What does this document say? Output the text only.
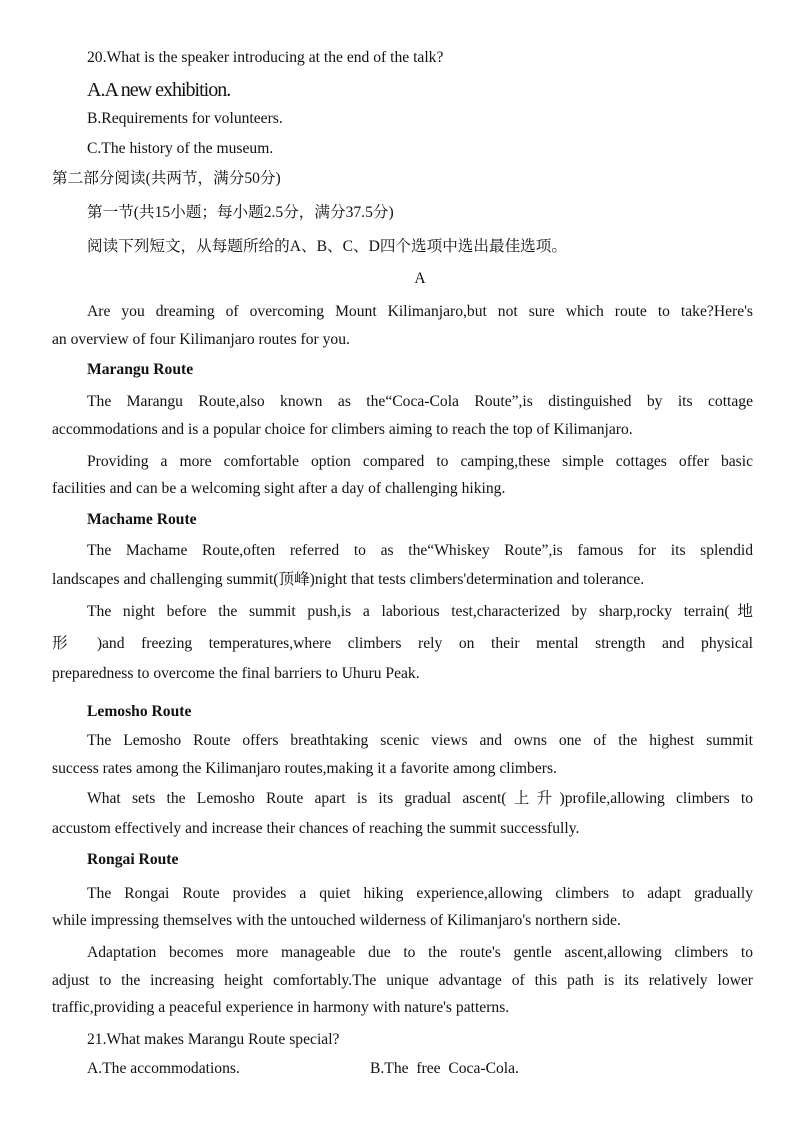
20.What is the speaker introducing at the end of the talk?
A.A new exhibition.
B.Requirements for volunteers.
C.The history of the museum.
第二部分阅读(共两节，满分50分)
第一节(共15小题；每小题2.5分，满分37.5分)
阅读下列短文，从每题所给的A、B、C、D四个选项中选出最佳选项。
A
Are you dreaming of overcoming Mount Kilimanjaro,but not sure which route to take?Here's
an overview of four Kilimanjaro routes for you.
Marangu Route
The Marangu Route,also known as the“Coca-Cola Route”,is distinguished by its cottage
accommodations and is a popular choice for climbers aiming to reach the top of Kilimanjaro.
Providing a more comfortable option compared to camping,these simple cottages offer basic
facilities and can be a welcoming sight after a day of challenging hiking.
Machame Route
The Machame Route,often referred to as the“Whiskey Route”,is famous for its splendid
landscapes and challenging summit(顶峰)night that tests climbers'determination and tolerance.
The night before the summit push,is a laborious test,characterized by sharp,rocky terrain(地
形 )and freezing temperatures,where climbers rely on their mental strength and physical
preparedness to overcome the final barriers to Uhuru Peak.
Lemosho Route
The Lemosho Route offers breathtaking scenic views and owns one of the highest summit
success rates among the Kilimanjaro routes,making it a favorite among climbers.
What sets the Lemosho Route apart is its gradual ascent(上升)profile,allowing climbers to
accustom effectively and increase their chances of reaching the summit successfully.
Rongai Route
The Rongai Route provides a quiet hiking experience,allowing climbers to adapt gradually
while impressing themselves with the untouched wilderness of Kilimanjaro's northern side.
Adaptation becomes more manageable due to the route's gentle ascent,allowing climbers to
adjust to the increasing height comfortably.The unique advantage of this path is its relatively lower
traffic,providing a peaceful experience in harmony with nature's patterns.
21.What makes Marangu Route special?
A.The accommodations.	B.The  free  Coca-Cola.
